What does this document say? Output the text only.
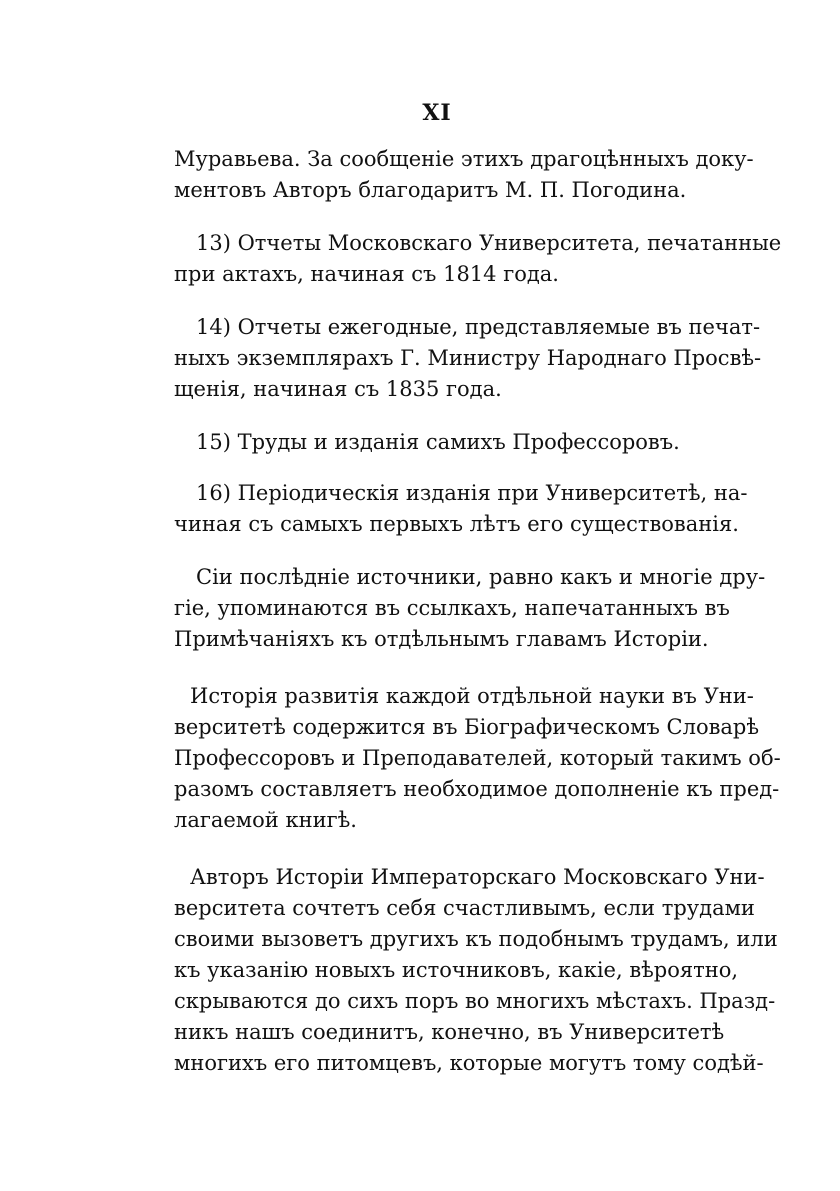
XI
Муравьева. За сообщенiе этихъ драгоцѣнныхъ доку-
ментовъ Авторъ благодаритъ М. П. Погодина.
13) Отчеты Московскаго Университета, печатанные
при актахъ, начиная съ 1814 года.
14) Отчеты ежегодные, представляемые въ печат-
ныхъ экземплярахъ Г. Министру Народнаго Просвѣ-
щенiя, начиная съ 1835 года.
15) Труды и изданiя самихъ Профессоровъ.
16) Перiодическiя изданiя при Университетѣ, на-
чиная съ самыхъ первыхъ лѣтъ его существованiя.
Сiи послѣднiе источники, равно какъ и многiе дру-
гiе, упоминаются въ ссылкахъ, напечатанныхъ въ
Примѣчанiяхъ къ отдѣльнымъ главамъ Исторiи.
Исторiя развитiя каждой отдѣльной науки въ Уни-
верситетѣ содержится въ Бiографическомъ Словарѣ
Профессоровъ и Преподавателей, который такимъ об-
разомъ составляетъ необходимое дополненiе къ пред-
лагаемой книгѣ.
Авторъ Исторiи Императорскаго Московскаго Уни-
верситета сочтетъ себя счастливымъ, если трудами
своими вызоветъ другихъ къ подобнымъ трудамъ, или
къ указанiю новыхъ источниковъ, какiе, вѣроятно,
скрываются до сихъ поръ во многихъ мѣстахъ. Празд-
никъ нашъ соединитъ, конечно, въ Университетѣ
многихъ его питомцевъ, которые могутъ тому содѣй-
